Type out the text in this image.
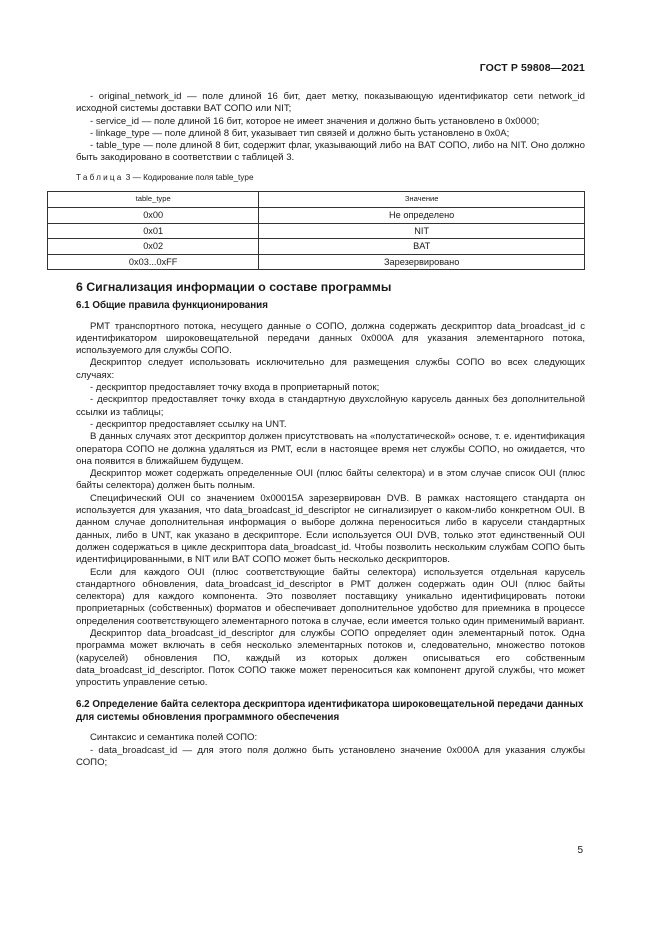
ГОСТ Р 59808—2021

- original_network_id — поле длиной 16 бит, дает метку, показывающую идентификатор сети network_id исходной системы доставки BAT СОПО или NIT;

- service_id — поле длиной 16 бит, которое не имеет значения и должно быть установлено в 0x0000;

- linkage_type — поле длиной 8 бит, указывает тип связей и должно быть установлено в 0x0A;

- table_type — поле длиной 8 бит, содержит флаг, указывающий либо на BAT СОПО, либо на NIT. Оно должно быть закодировано в соответствии с таблицей 3.

Таблица 3 — Кодирование поля table_type

table_type	Значение
0x00	Не определено
0x01	NIT
0x02	BAT
0x03...0xFF	Зарезервировано
6 Сигнализация информации о составе программы
6.1 Общие правила функционирования

РМТ транспортного потока, несущего данные о СОПО, должна содержать дескриптор data_broadcast_id с идентификатором широковещательной передачи данных 0x000A для указания элементарного потока, используемого для службы СОПО.

Дескриптор следует использовать исключительно для размещения службы СОПО во всех следующих случаях:

- дескриптор предоставляет точку входа в проприетарный поток;

- дескриптор предоставляет точку входа в стандартную двухслойную карусель данных без дополнительной ссылки из таблицы;

- дескриптор предоставляет ссылку на UNT.

В данных случаях этот дескриптор должен присутствовать на «полустатической» основе, т. е. идентификация оператора СОПО не должна удаляться из РМТ, если в настоящее время нет службы СОПО, но ожидается, что она появится в ближайшем будущем.

Дескриптор может содержать определенные OUI (плюс байты селектора) и в этом случае список OUI (плюс байты селектора) должен быть полным.

Специфический OUI со значением 0x00015A зарезервирован DVB. В рамках настоящего стандарта он используется для указания, что data_broadcast_id_descriptor не сигнализирует о каком-либо конкретном OUI. В данном случае дополнительная информация о выборе должна переноситься либо в карусели стандартных данных, либо в UNT, как указано в дескрипторе. Если используется OUI DVB, только этот единственный OUI должен содержаться в цикле дескриптора data_broadcast_id. Чтобы позволить нескольким службам СОПО быть идентифицированными, в NIT или BAT СОПО может быть несколько дескрипторов.

Если для каждого OUI (плюс соответствующие байты селектора) используется отдельная карусель стандартного обновления, data_broadcast_id_descriptor в РМТ должен содержать один OUI (плюс байты селектора) для каждого компонента. Это позволяет поставщику уникально идентифицировать потоки проприетарных (собственных) форматов и обеспечивает дополнительное удобство для приемника в процессе определения соответствующего элементарного потока в случае, если имеется только один применимый вариант.

Дескриптор data_broadcast_id_descriptor для службы СОПО определяет один элементарный поток. Одна программа может включать в себя несколько элементарных потоков и, следовательно, множество потоков (каруселей) обновления ПО, каждый из которых должен описываться его собственным data_broadcast_id_descriptor. Поток СОПО также может переноситься как компонент другой службы, что может упростить управление сетью.

6.2 Определение байта селектора дескриптора идентификатора широковещательной передачи данных для системы обновления программного обеспечения

Синтаксис и семантика полей СОПО:

- data_broadcast_id — для этого поля должно быть установлено значение 0x000A для указания службы СОПО;

5
